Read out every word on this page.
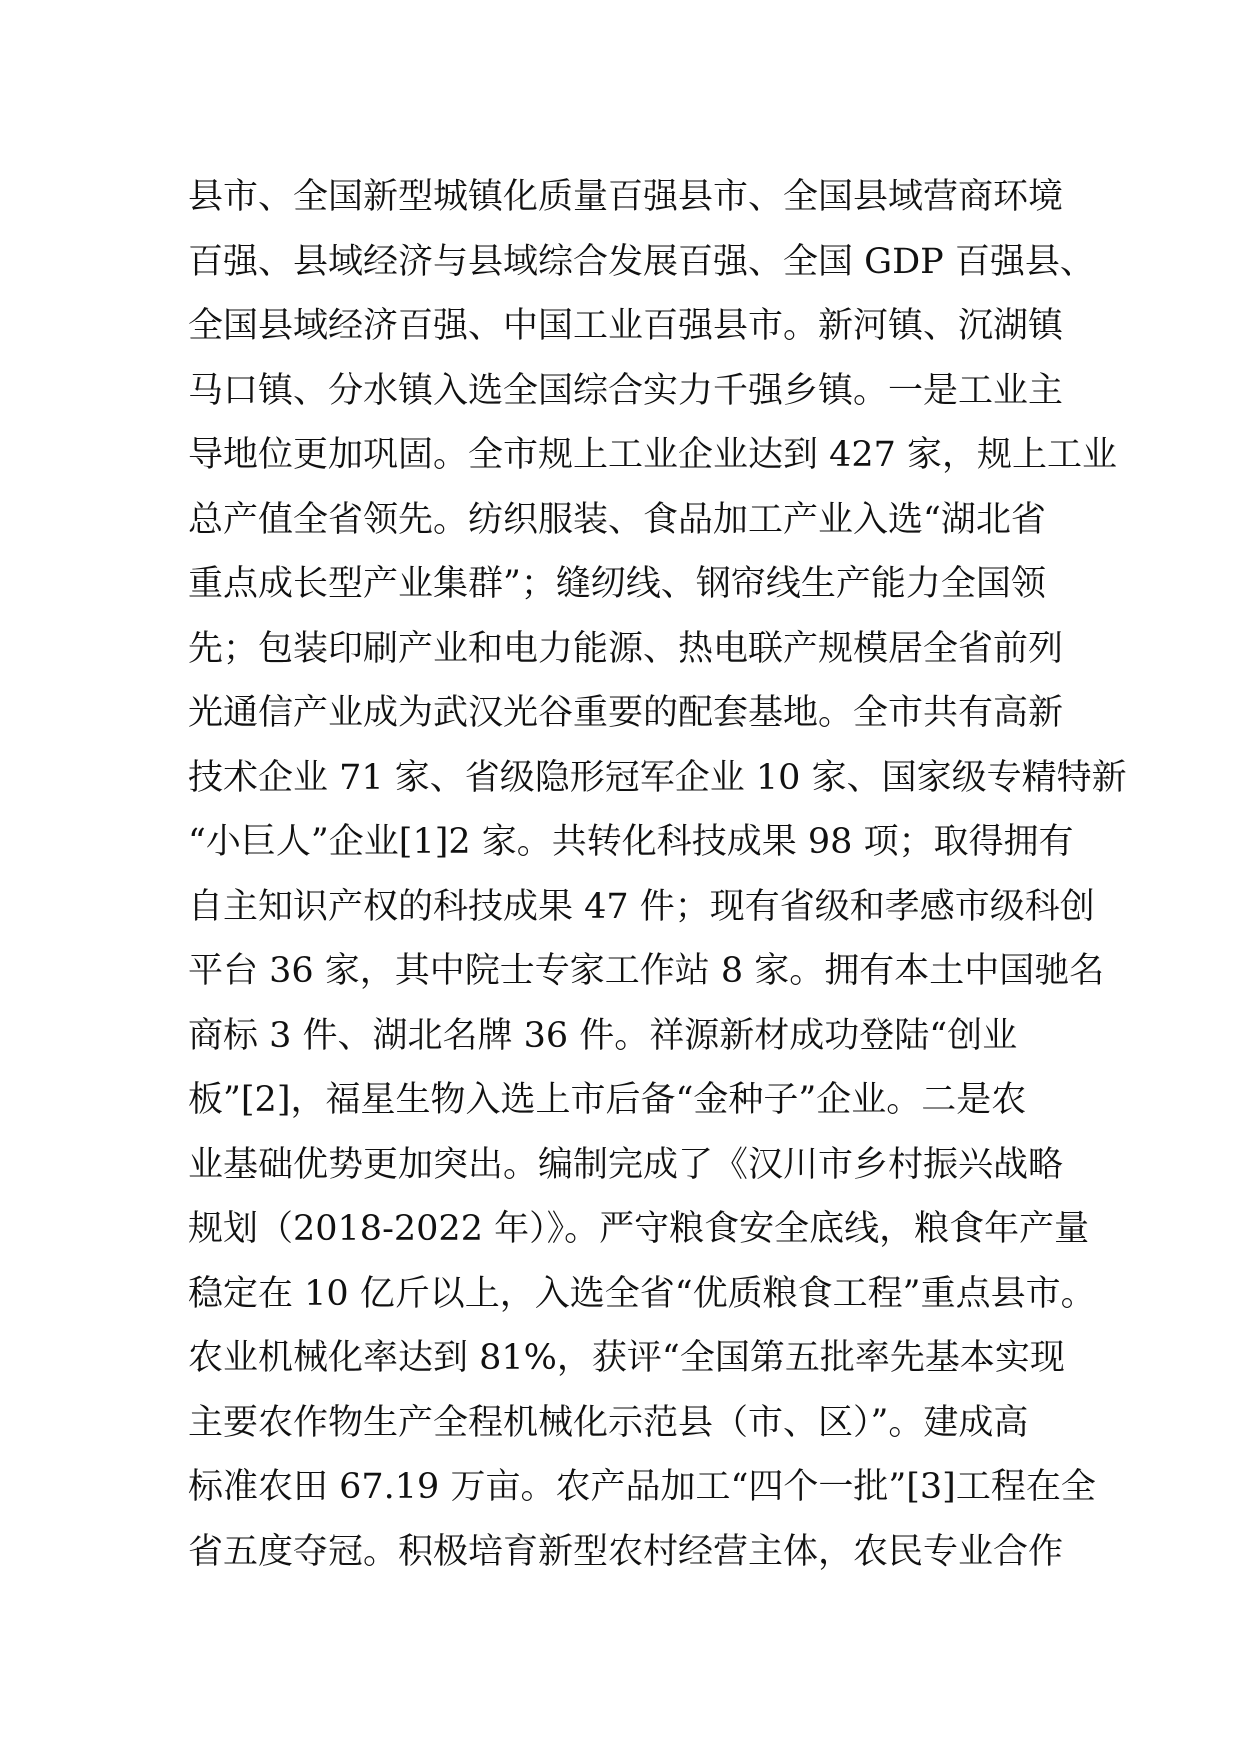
县市、全国新型城镇化质量百强县市、全国县域营商环境
百强、县域经济与县域综合发展百强、全国 GDP 百强县、
全国县域经济百强、中国工业百强县市。新河镇、沉湖镇
马口镇、分水镇入选全国综合实力千强乡镇。一是工业主
导地位更加巩固。全市规上工业企业达到 427 家，规上工业
总产值全省领先。纺织服装、食品加工产业入选“湖北省
重点成长型产业集群”；缝纫线、钢帘线生产能力全国领
先；包装印刷产业和电力能源、热电联产规模居全省前列
光通信产业成为武汉光谷重要的配套基地。全市共有高新
技术企业 71 家、省级隐形冠军企业 10 家、国家级专精特新
“小巨人”企业[1]2 家。共转化科技成果 98 项；取得拥有
自主知识产权的科技成果 47 件；现有省级和孝感市级科创
平台 36 家，其中院士专家工作站 8 家。拥有本土中国驰名
商标 3 件、湖北名牌 36 件。祥源新材成功登陆“创业
板”[2]，福星生物入选上市后备“金种子”企业。二是农
业基础优势更加突出。编制完成了《汉川市乡村振兴战略
规划（2018-2022 年）》。严守粮食安全底线，粮食年产量
稳定在 10 亿斤以上，入选全省“优质粮食工程”重点县市。
农业机械化率达到 81%，获评“全国第五批率先基本实现
主要农作物生产全程机械化示范县（市、区）”。建成高
标准农田 67.19 万亩。农产品加工“四个一批”[3]工程在全
省五度夺冠。积极培育新型农村经营主体，农民专业合作
